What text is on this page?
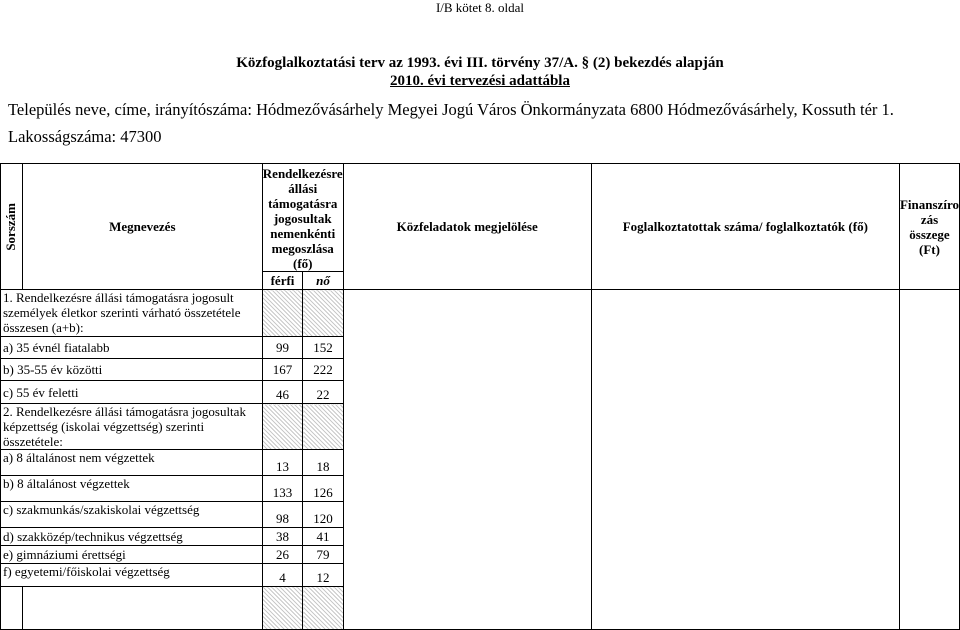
I/B kötet 8. oldal
Közfoglalkoztatási terv az 1993. évi III. törvény 37/A. § (2) bekezdés alapján
2010. évi tervezési adattábla
Település neve, címe, irányítószáma: Hódmezővásárhely Megyei Jogú Város Önkormányzata 6800 Hódmezővásárhely, Kossuth tér 1.
Lakosságszáma: 47300
Sorszám	Megnevezés	Rendelkezésre állási támogatásra jogosultak nemenkénti megoszlása (fő)		Közfeladatok megjelölése	Foglalkoztatottak száma/ foglalkoztatók (fő)	Finanszíro zás összege (Ft)
		férfi	nő			
1. Rendelkezésre állási támogatásra jogosult személyek életkor szerinti várható összetétele összesen (a+b):						
a) 35 évnél fiatalabb		99	152			
b) 35-55 év közötti		167	222			
c) 55 év feletti		46	22			
2. Rendelkezésre állási támogatásra jogosultak képzettség (iskolai végzettség) szerinti összetétele:						
a) 8 általánost nem végzettek		13	18			
b) 8 általánost végzettek		133	126			
c) szakmunkás/szakiskolai végzettség		98	120			
d) szakközép/technikus végzettség		38	41			
e) gimnáziumi érettségi		26	79			
f) egyetemi/főiskolai végzettség		4	12			
